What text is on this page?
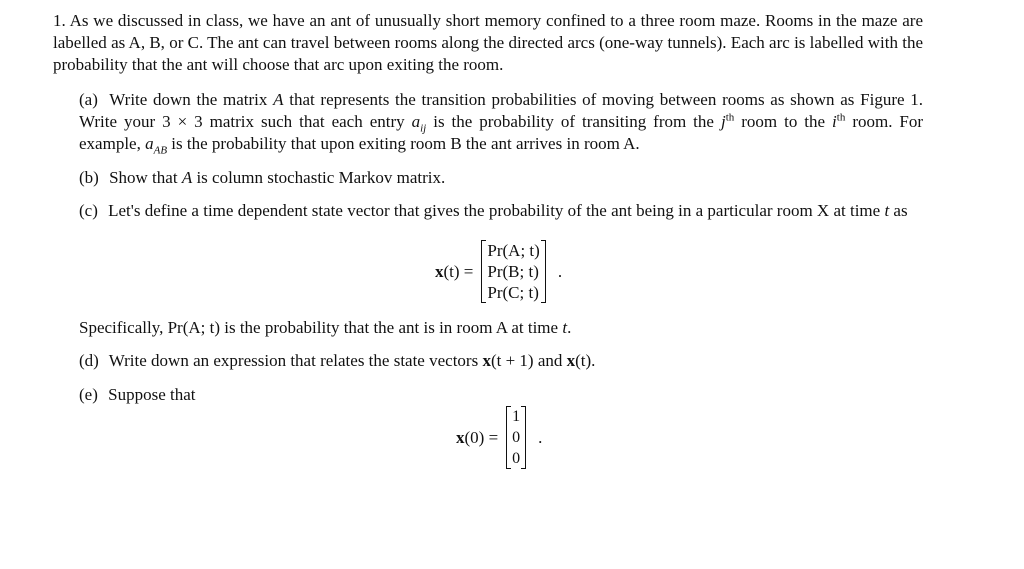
1. As we discussed in class, we have an ant of unusually short memory confined to a three room maze. Rooms in the maze are labelled as A, B, or C. The ant can travel between rooms along the directed arcs (one-way tunnels). Each arc is labelled with the probability that the ant will choose that arc upon exiting the room.
(a) Write down the matrix A that represents the transition probabilities of moving between rooms as shown as Figure 1. Write your 3 × 3 matrix such that each entry $a_{ij}$ is the probability of transiting from the $j^{th}$ room to the $i^{th}$ room. For example, $a_{AB}$ is the probability that upon exiting room B the ant arrives in room A.
(b) Show that A is column stochastic Markov matrix.
(c) Let's define a time dependent state vector that gives the probability of the ant being in a particular room X at time t as
x(t) =
Pr(A; t)
Pr(B; t)
Pr(C; t)
.
Specifically, Pr(A; t) is the probability that the ant is in room A at time t.
(d) Write down an expression that relates the state vectors x(t + 1) and x(t).
(e) Suppose that
x(0) =
1
0
0
.
